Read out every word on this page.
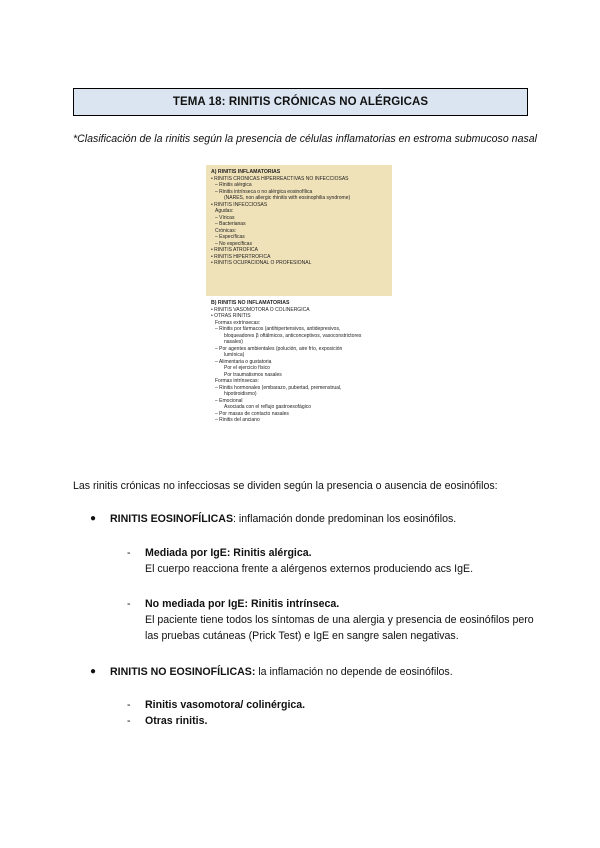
TEMA 18: RINITIS CRÓNICAS NO ALÉRGICAS
*Clasificación de la rinitis según la presencia de células inflamatorias en estroma submucoso nasal
A) RINITIS INFLAMATORIAS
• RINITIS CRÓNICAS HIPERREACTIVAS NO INFECCIOSAS
– Rinitis alérgica
– Rinitis intrínseca o no alérgica eosinofílica
(NARES, non allergic rhinitis with eosinophilia syndrome)
• RINITIS INFECCIOSAS
Agudas:
– Víricas
– Bacterianas
Crónicas:
– Específicas
– No específicas
• RINITIS ATRÓFICA
• RINITIS HIPERTRÓFICA
• RINITIS OCUPACIONAL O PROFESIONAL
B) RINITIS NO INFLAMATORIAS
• RINITIS VASOMOTORA O COLINÉRGICA
• OTRAS RINITIS
Formas extrínsecas:
– Rinitis por fármacos (antihipertensivos, antidepresivos,
bloqueadores β oftálmicos, anticonceptivos, vasoconstrictores
nasales)
– Por agentes ambientales (polución, aire frío, exposición
lumínica)
– Alimentaria o gustatoria
Por el ejercicio físico
Por traumatismos nasales
Formas intrínsecas:
– Rinitis hormonales (embarazo, pubertad, premenstrual,
hipotiroidismo)
– Emocional
Asociada con el reflujo gastroesofágico
– Por masas de contacto nasales
– Rinitis del anciano
Las rinitis crónicas no infecciosas se dividen según la presencia o ausencia de eosinófilos:
●	RINITIS EOSINOFÍLICAS: inflamación donde predominan los eosinófilos.
-	Mediada por IgE: Rinitis alérgica.
El cuerpo reacciona frente a alérgenos externos produciendo acs IgE.
-	No mediada por IgE: Rinitis intrínseca.
El paciente tiene todos los síntomas de una alergia y presencia de eosinófilos pero las pruebas cutáneas (Prick Test) e IgE en sangre salen negativas.
●	RINITIS NO EOSINOFÍLICAS: la inflamación no depende de eosinófilos.
-	Rinitis vasomotora/ colinérgica.
-	Otras rinitis.
